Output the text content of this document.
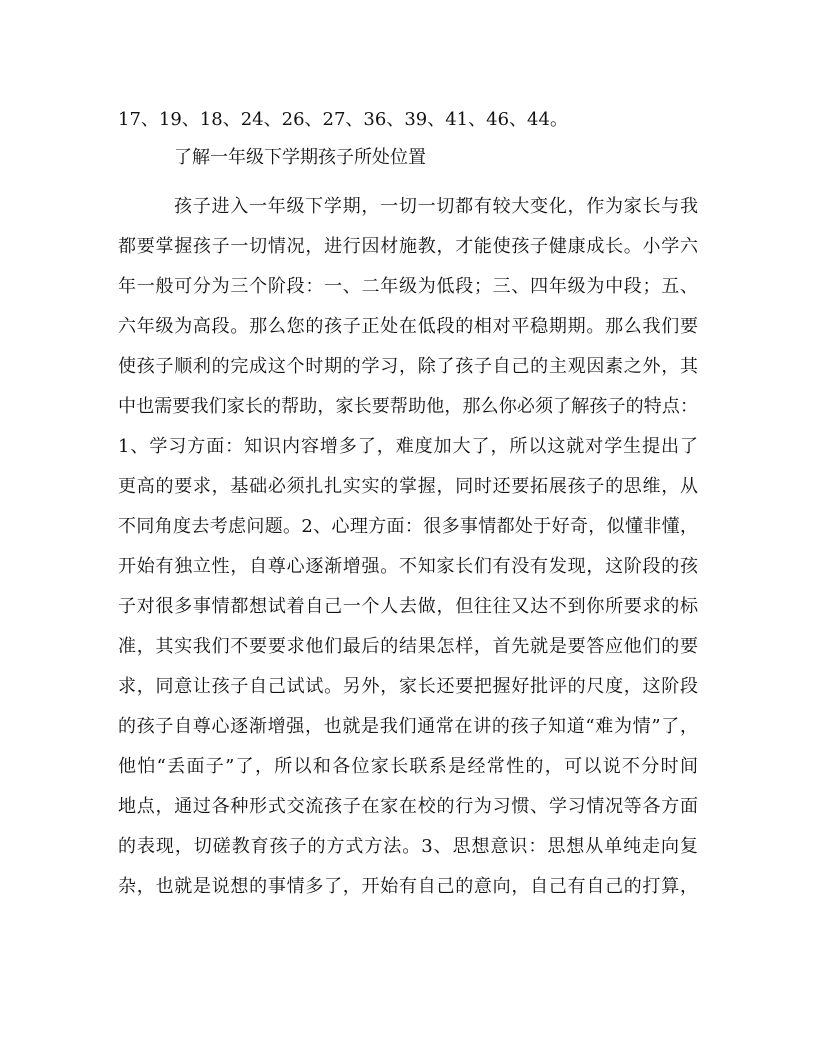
17、19、18、24、26、27、36、39、41、46、44。
了解一年级下学期孩子所处位置
孩子进入一年级下学期，一切一切都有较大变化，作为家长与我
都要掌握孩子一切情况，进行因材施教，才能使孩子健康成长。小学六
年一般可分为三个阶段：一、二年级为低段；三、四年级为中段；五、
六年级为高段。那么您的孩子正处在低段的相对平稳期期。那么我们要
使孩子顺利的完成这个时期的学习，除了孩子自己的主观因素之外，其
中也需要我们家长的帮助，家长要帮助他，那么你必须了解孩子的特点：
1、学习方面：知识内容增多了，难度加大了，所以这就对学生提出了
更高的要求，基础必须扎扎实实的掌握，同时还要拓展孩子的思维，从
不同角度去考虑问题。2、心理方面：很多事情都处于好奇，似懂非懂，
开始有独立性，自尊心逐渐增强。不知家长们有没有发现，这阶段的孩
子对很多事情都想试着自己一个人去做，但往往又达不到你所要求的标
准，其实我们不要要求他们最后的结果怎样，首先就是要答应他们的要
求，同意让孩子自己试试。另外，家长还要把握好批评的尺度，这阶段
的孩子自尊心逐渐增强，也就是我们通常在讲的孩子知道“难为情”了，
他怕“丢面子”了，所以和各位家长联系是经常性的，可以说不分时间
地点，通过各种形式交流孩子在家在校的行为习惯、学习情况等各方面
的表现，切磋教育孩子的方式方法。3、思想意识：思想从单纯走向复
杂，也就是说想的事情多了，开始有自己的意向，自己有自己的打算，
